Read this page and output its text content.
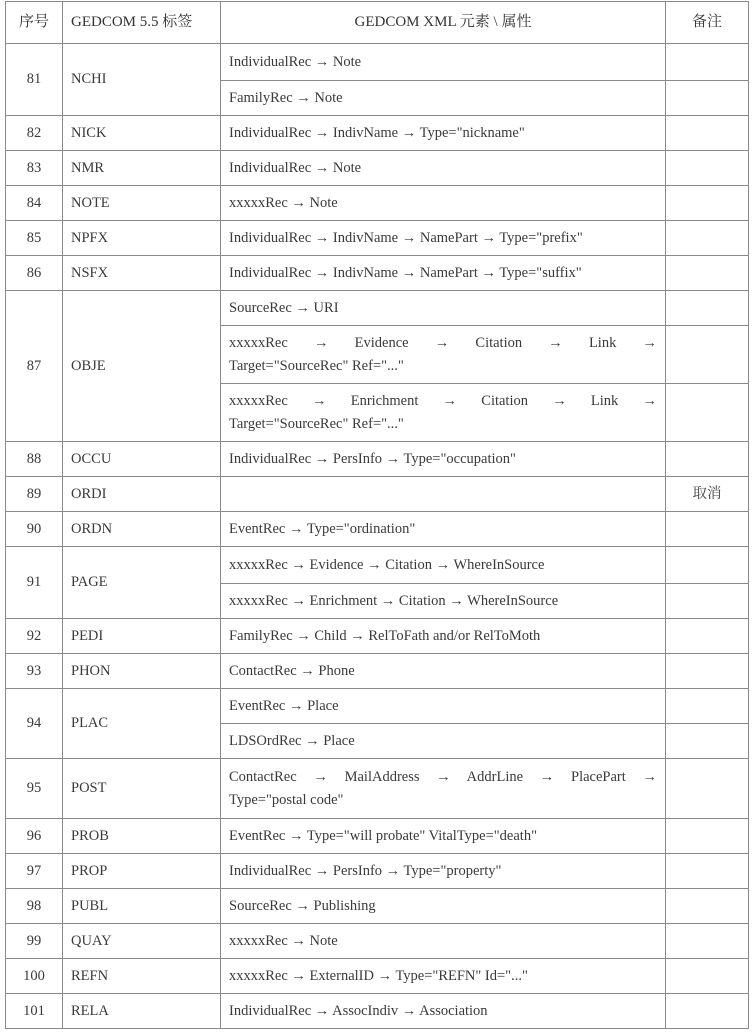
序号	GEDCOM 5.5 标签	GEDCOM XML 元素 \ 属性	备注
81	NCHI	IndividualRec → Note	
		FamilyRec → Note	
82	NICK	IndividualRec → IndivName → Type="nickname"	
83	NMR	IndividualRec → Note	
84	NOTE	xxxxxRec → Note	
85	NPFX	IndividualRec → IndivName → NamePart → Type="prefix"	
86	NSFX	IndividualRec → IndivName → NamePart → Type="suffix"	
87	OBJE	SourceRec → URI	

		xxxxxRec → Evidence → Citation → Link →
Target="SourceRec" Ref="..."	

		xxxxxRec → Enrichment → Citation → Link →
Target="SourceRec" Ref="..."	
88	OCCU	IndividualRec → PersInfo → Type="occupation"	
89	ORDI		取消
90	ORDN	EventRec → Type="ordination"	
91	PAGE	xxxxxRec → Evidence → Citation → WhereInSource	
		xxxxxRec → Enrichment → Citation → WhereInSource	
92	PEDI	FamilyRec → Child → RelToFath and/or RelToMoth	
93	PHON	ContactRec → Phone	
94	PLAC	EventRec → Place	
		LDSOrdRec → Place	
95	POST	ContactRec → MailAddress → AddrLine → PlacePart →
Type="postal code"	
96	PROB	EventRec → Type="will probate" VitalType="death"	
97	PROP	IndividualRec → PersInfo → Type="property"	
98	PUBL	SourceRec → Publishing	
99	QUAY	xxxxxRec → Note	
100	REFN	xxxxxRec → ExternalID → Type="REFN" Id="..."	
101	RELA	IndividualRec → AssocIndiv → Association	
